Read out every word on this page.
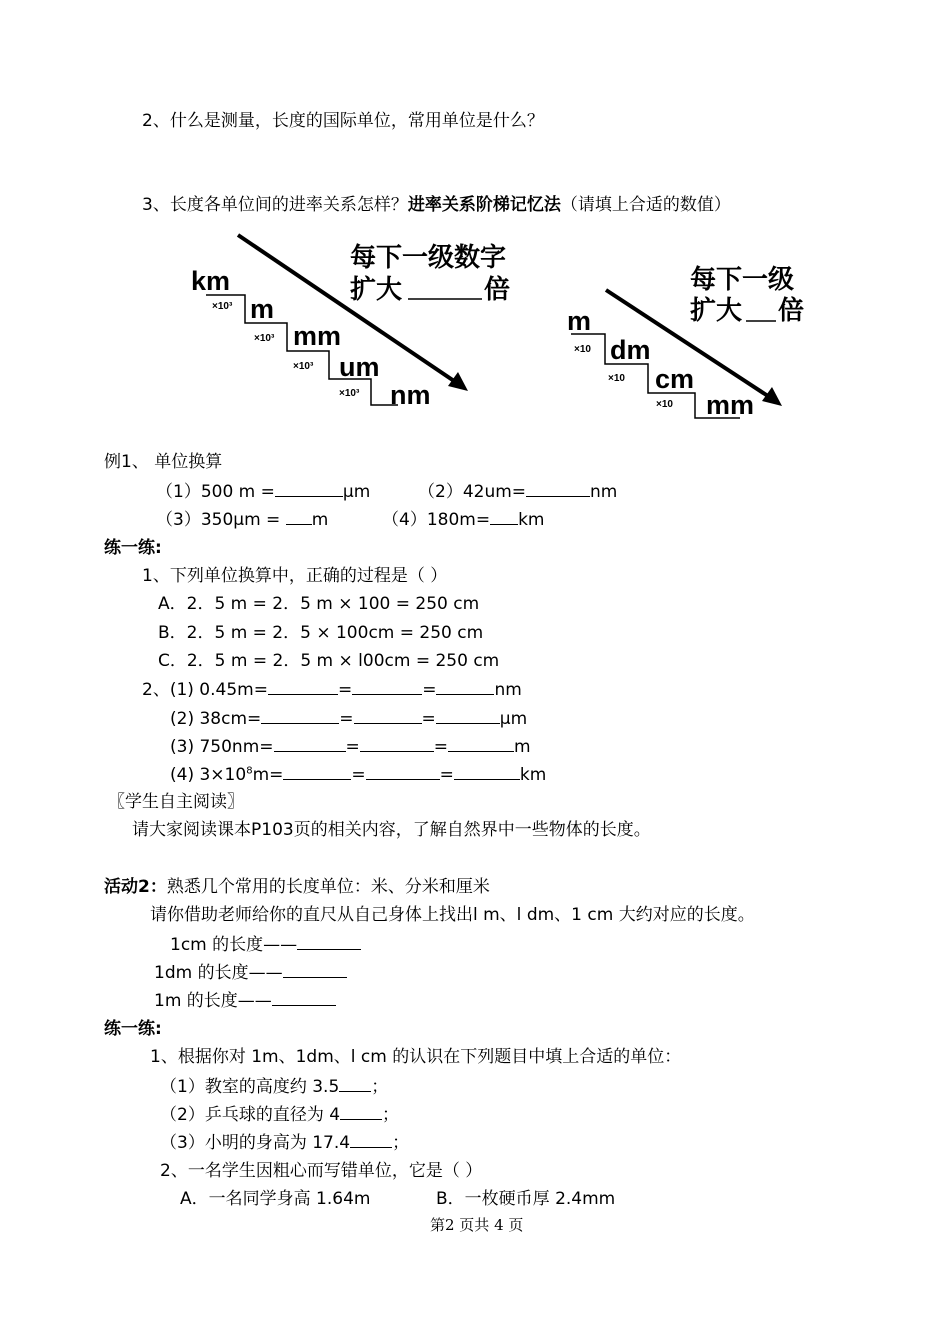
2、什么是测量，长度的国际单位，常用单位是什么？
3、长度各单位间的进率关系怎样？进率关系阶梯记忆法（请填上合适的数值）
km
m
mm
um
nm
×10³
×10³
×10³
×10³
每下一级数字
扩大	倍
m
dm
cm
mm
×10
×10
×10
每下一级
扩大 倍
例1、 单位换算
（1）500 m =	μm	（2）42um=	nm
（3）350μm = m	（4）180m= km
练一练:
1、下列单位换算中，正确的过程是（ ）
A．2．5 m = 2．5 m × 100 = 250 cm
B．2．5 m = 2．5 × 100cm = 250 cm
C．2．5 m = 2．5 m × l00cm = 250 cm
2、(1) 0.45m=	=	=	nm
(2) 38cm=	=	=	μm
(3) 750nm=	=	=	m
(4) $3\times 10^8m=$	=	=	km
〖学生自主阅读〗
请大家阅读课本P103页的相关内容，了解自然界中一些物体的长度。
活动2：熟悉几个常用的长度单位：米、分米和厘米
请你借助老师给你的直尺从自己身体上找出l m、l dm、1 cm 大约对应的长度。
1cm 的长度——
1dm 的长度——
1m 的长度——
练一练:
1、根据你对 1m、1dm、l cm 的认识在下列题目中填上合适的单位：
（1）教室的高度约 3.5 ；
（2）乒乓球的直径为 4 ；
（3）小明的身高为 17.4 ；
2、一名学生因粗心而写错单位，它是（ ）
A．一名同学身高 1.64m	B．一枚硬币厚 2.4mm
第2 页共 4 页
